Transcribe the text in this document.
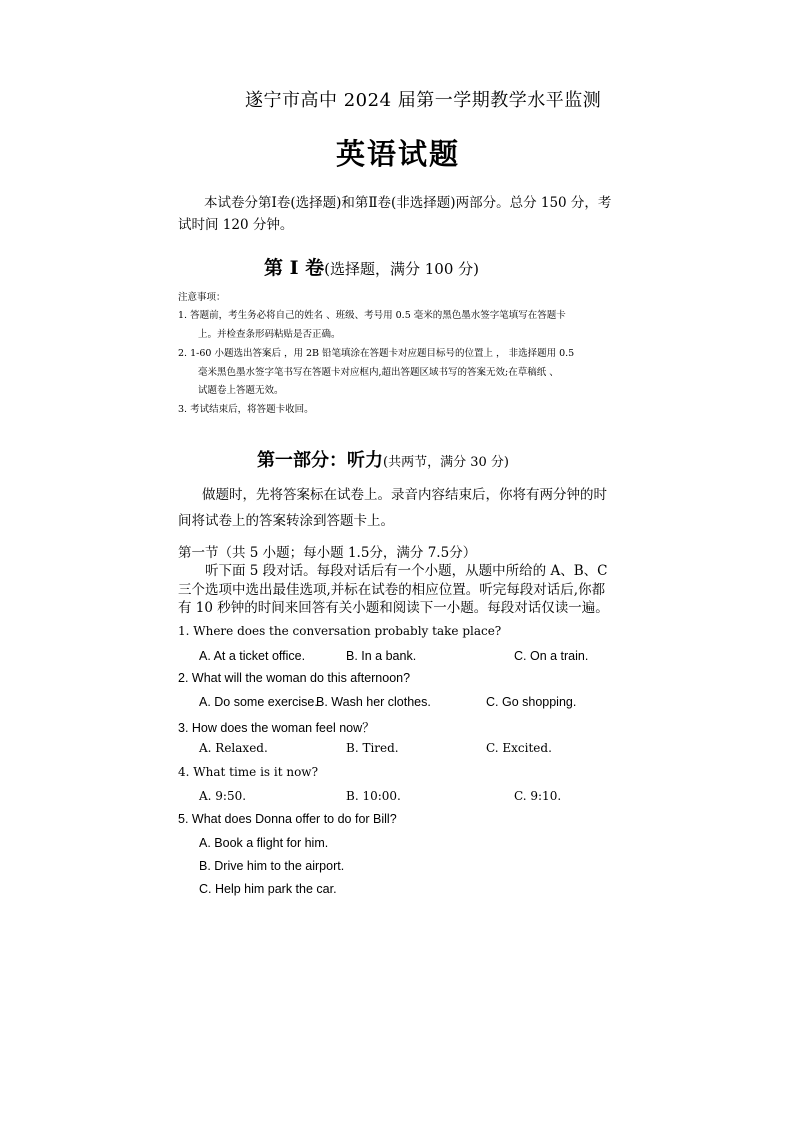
遂宁市高中 2024 届第一学期教学水平监测
英语试题
本试卷分第Ⅰ卷(选择题)和第Ⅱ卷(非选择题)两部分。总分 150 分，考试时间 120 分钟。
第 Ⅰ 卷(选择题，满分 100 分)
注意事项：
1. 答题前，考生务必将自己的姓名 、班级、考号用 0.5 毫米的黑色墨水签字笔填写在答题卡
上。并检查条形码粘贴是否正确。
2. 1-60 小题选出答案后 ，用 2B 铅笔填涂在答题卡对应题目标号的位置上 ， 非选择题用 0.5
毫米黑色墨水签字笔书写在答题卡对应框内,超出答题区域书写的答案无效;在草稿纸 、
试题卷上答题无效。
3. 考试结束后，将答题卡收回。
第一部分：听力(共两节，满分 30 分)
做题时，先将答案标在试卷上。录音内容结束后，你将有两分钟的时间将试卷上的答案转涂到答题卡上。
第一节（共 5 小题；每小题 1.5分，满分 7.5分）
听下面 5 段对话。每段对话后有一个小题，从题中所给的 A、B、C 三个选项中选出最佳选项,并标在试卷的相应位置。听完每段对话后,你都有 10 秒钟的时间来回答有关小题和阅读下一小题。每段对话仅读一遍。
1. Where does the conversation probably take place?
A. At a ticket office.	B. In a bank.	C. On a train.
2. What will the woman do this afternoon?
A. Do some exercise.
B. Wash her clothes.	C. Go shopping.
3. How does the woman feel now？
A. Relaxed.	B. Tired.	C. Excited.
4. What time is it now?
A. 9:50.	B. 10:00.	C. 9:10.
5. What does Donna offer to do for Bill?
A. Book a flight for him.
B. Drive him to the airport.
C. Help him park the car.
